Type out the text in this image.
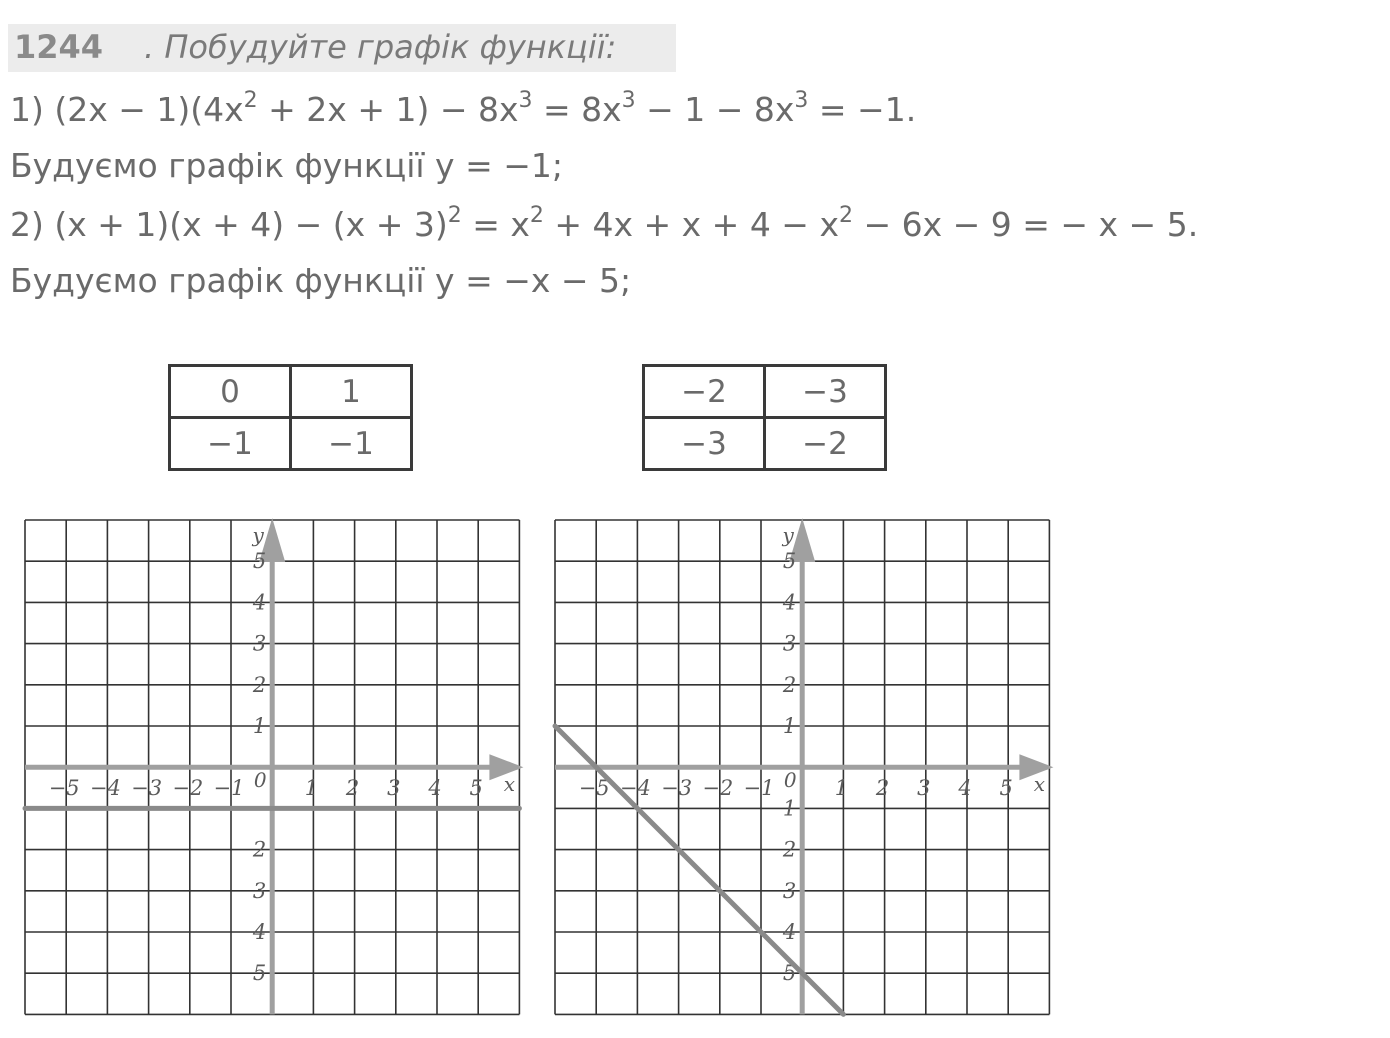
1244 . Побудуйте графік функції:
1) $(2x - 1)(4x^2 + 2x + 1) - 8x^3 = 8x^3 - 1 - 8x^3 = -1$.
Будуємо графік функції y = −1;
2) $(x + 1)(x + 4) - (x + 3)^2 = x^2 + 4x + x + 4 - x^2 - 6x - 9$ = − x − 5.
Будуємо графік функції y = −x − 5;
0	1
−1	−1
−2	−3
−3	−2
y
x
0
−5 −4 −3 −2 −1	1 2 3 4 5
5
4
3
2
1
2
3
4
5
y
x
0
−5 −4 −3 −2 −1	1 2 3 4 5
5
4
3
2
1
1
2
3
4
5
